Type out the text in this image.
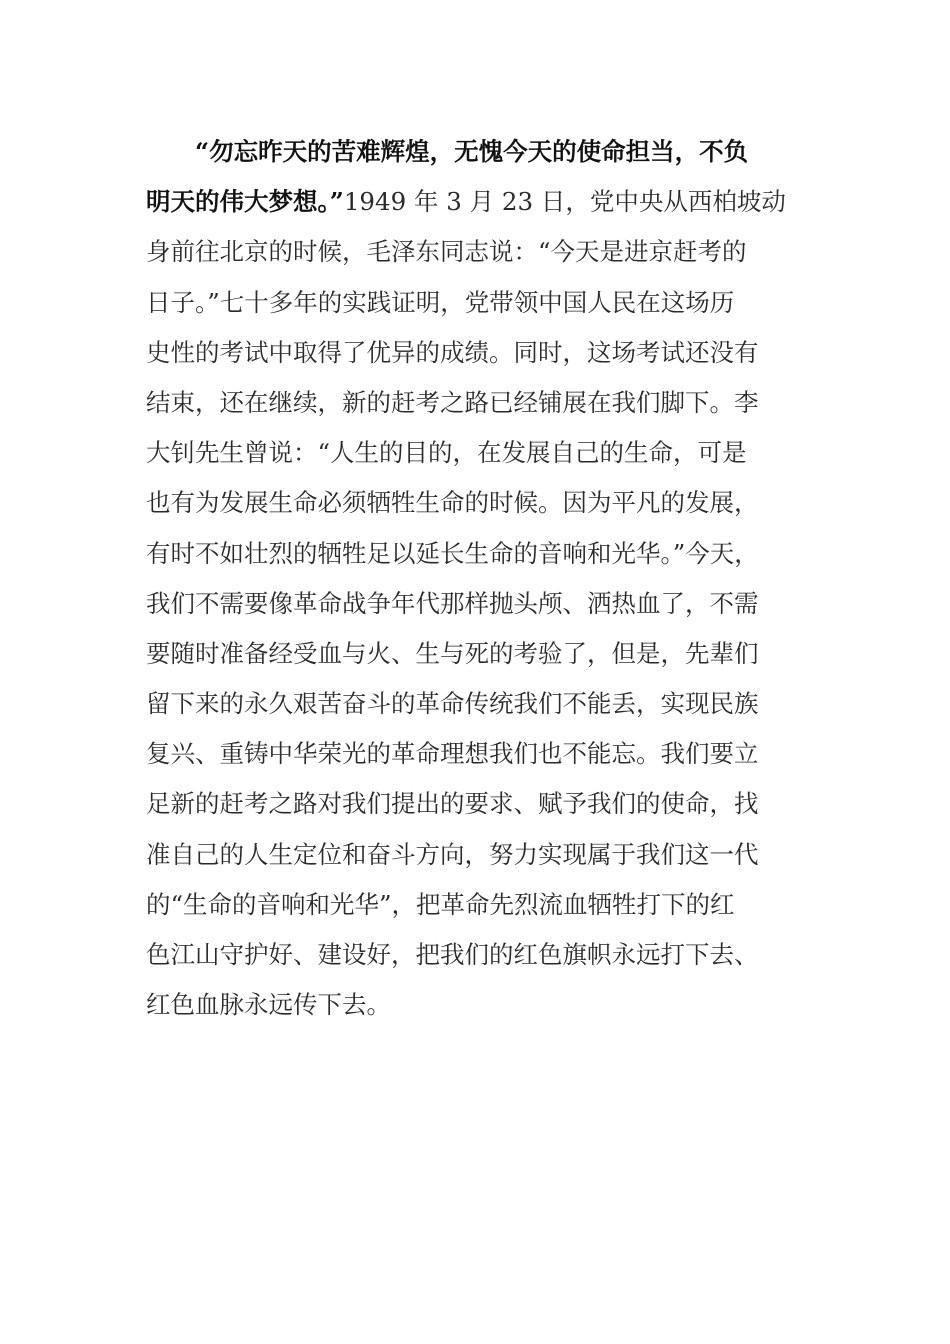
“勿忘昨天的苦难辉煌，无愧今天的使命担当，不负
明天的伟大梦想。”1949 年 3 月 23 日，党中央从西柏坡动
身前往北京的时候，毛泽东同志说：“今天是进京赶考的
日子。”七十多年的实践证明，党带领中国人民在这场历
史性的考试中取得了优异的成绩。同时，这场考试还没有
结束，还在继续，新的赶考之路已经铺展在我们脚下。李
大钊先生曾说：“人生的目的，在发展自己的生命，可是
也有为发展生命必须牺牲生命的时候。因为平凡的发展，
有时不如壮烈的牺牲足以延长生命的音响和光华。”今天，
我们不需要像革命战争年代那样抛头颅、洒热血了，不需
要随时准备经受血与火、生与死的考验了，但是，先辈们
留下来的永久艰苦奋斗的革命传统我们不能丢，实现民族
复兴、重铸中华荣光的革命理想我们也不能忘。我们要立
足新的赶考之路对我们提出的要求、赋予我们的使命，找
准自己的人生定位和奋斗方向，努力实现属于我们这一代
的“生命的音响和光华”，把革命先烈流血牺牲打下的红
色江山守护好、建设好，把我们的红色旗帜永远打下去、
红色血脉永远传下去。
